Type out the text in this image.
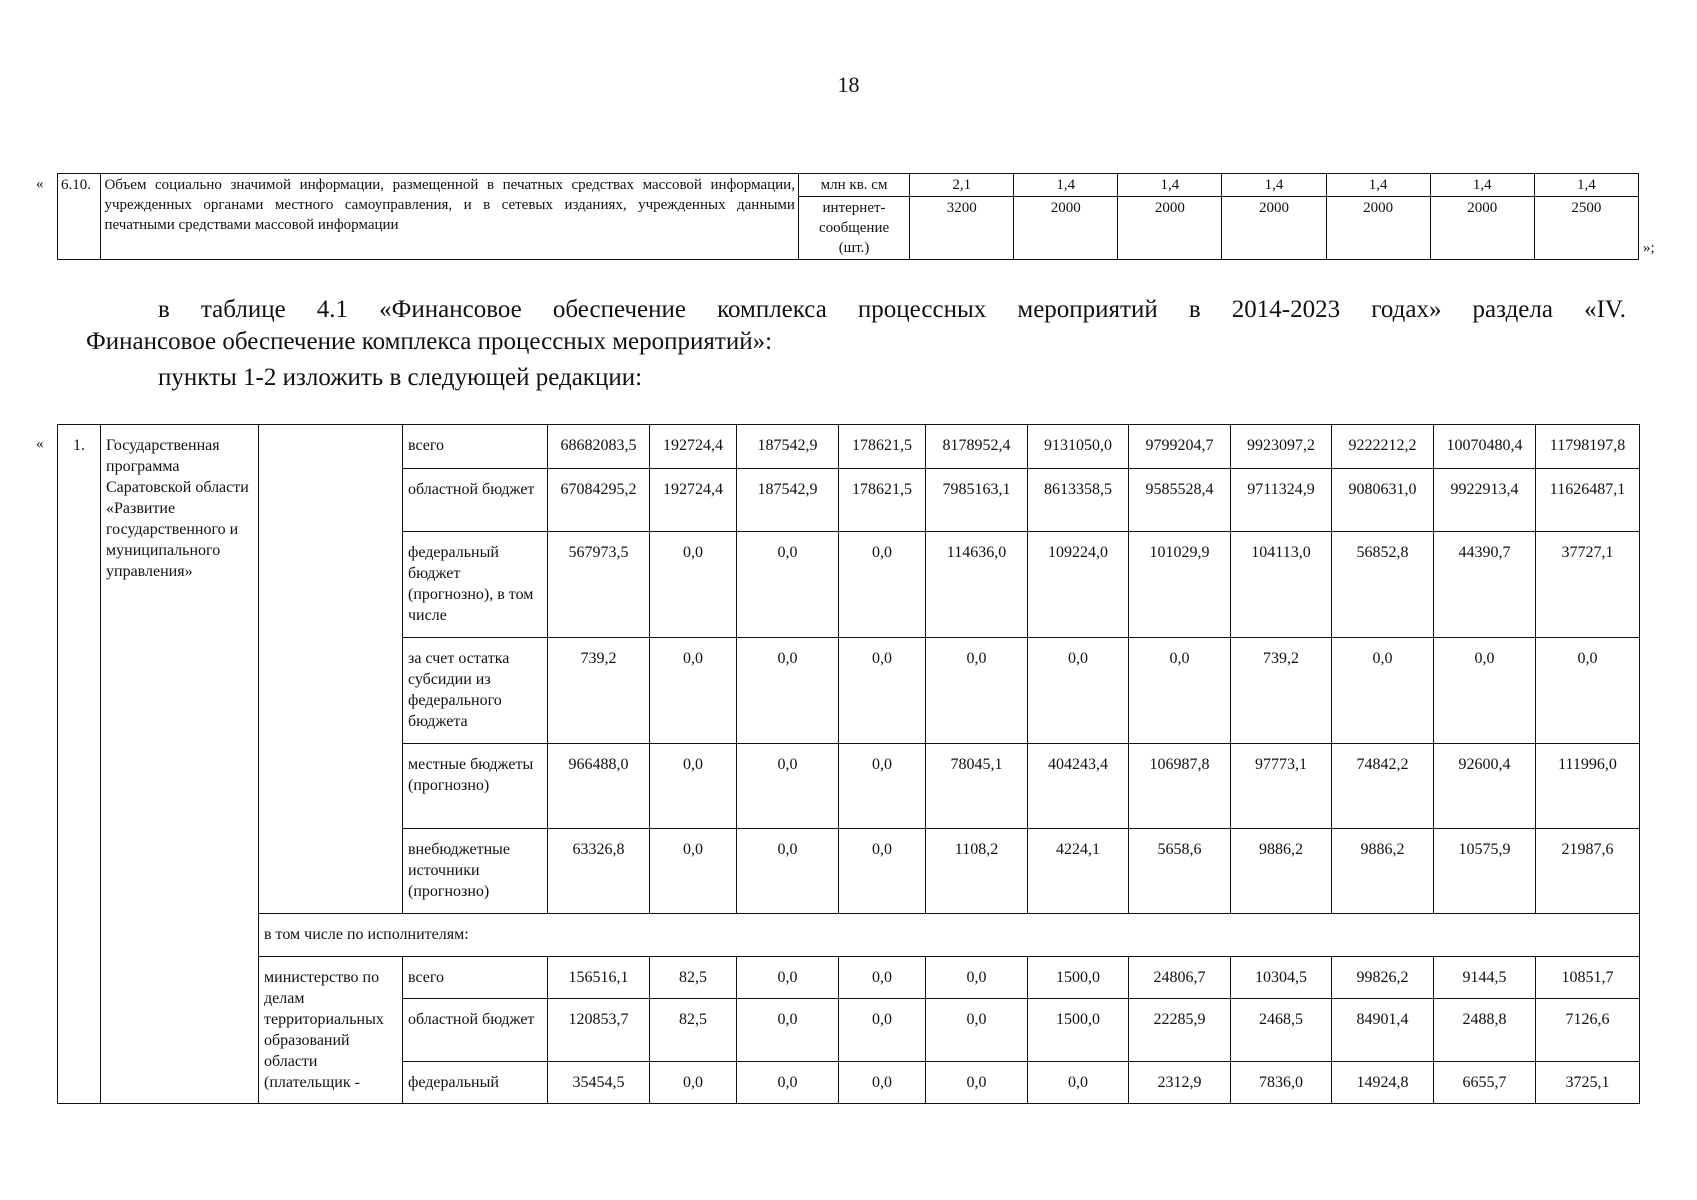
18
« 6.10.	Объем социально значимой информации, размещенной в печатных средствах массовой информации, учрежденных органами местного самоуправления, и в сетевых изданиях, учрежденных данными печатными средствами массовой информации	млн кв. см	2,1	1,4	1,4	1,4	1,4	1,4	1,4
		интернет-сообщение (шт.)	3200	2000	2000	2000	2000	2000	2500
»;
в таблице 4.1 «Финансовое обеспечение комплекса процессных мероприятий в 2014-2023 годах» раздела «IV.
Финансовое обеспечение комплекса процессных мероприятий»:
пункты 1-2 изложить в следующей редакции:
« 1.	Государственная программа Саратовской области «Развитие государственного и муниципального управления»		всего	68682083,5	192724,4	187542,9	178621,5	8178952,4	9131050,0	9799204,7	9923097,2	9222212,2	10070480,4	11798197,8
			областной бюджет	67084295,2	192724,4	187542,9	178621,5	7985163,1	8613358,5	9585528,4	9711324,9	9080631,0	9922913,4	11626487,1
			федеральный бюджет (прогнозно), в том числе	567973,5	0,0	0,0	0,0	114636,0	109224,0	101029,9	104113,0	56852,8	44390,7	37727,1
			за счет остатка субсидии из федерального бюджета	739,2	0,0	0,0	0,0	0,0	0,0	0,0	739,2	0,0	0,0	0,0
			местные бюджеты (прогнозно)	966488,0	0,0	0,0	0,0	78045,1	404243,4	106987,8	97773,1	74842,2	92600,4	111996,0
			внебюджетные источники (прогнозно)	63326,8	0,0	0,0	0,0	1108,2	4224,1	5658,6	9886,2	9886,2	10575,9	21987,6
		в том числе по исполнителям:												
		министерство по делам территориальных образований области (плательщик -	всего	156516,1	82,5	0,0	0,0	0,0	1500,0	24806,7	10304,5	99826,2	9144,5	10851,7
			областной бюджет	120853,7	82,5	0,0	0,0	0,0	1500,0	22285,9	2468,5	84901,4	2488,8	7126,6
			федеральный	35454,5	0,0	0,0	0,0	0,0	0,0	2312,9	7836,0	14924,8	6655,7	3725,1
